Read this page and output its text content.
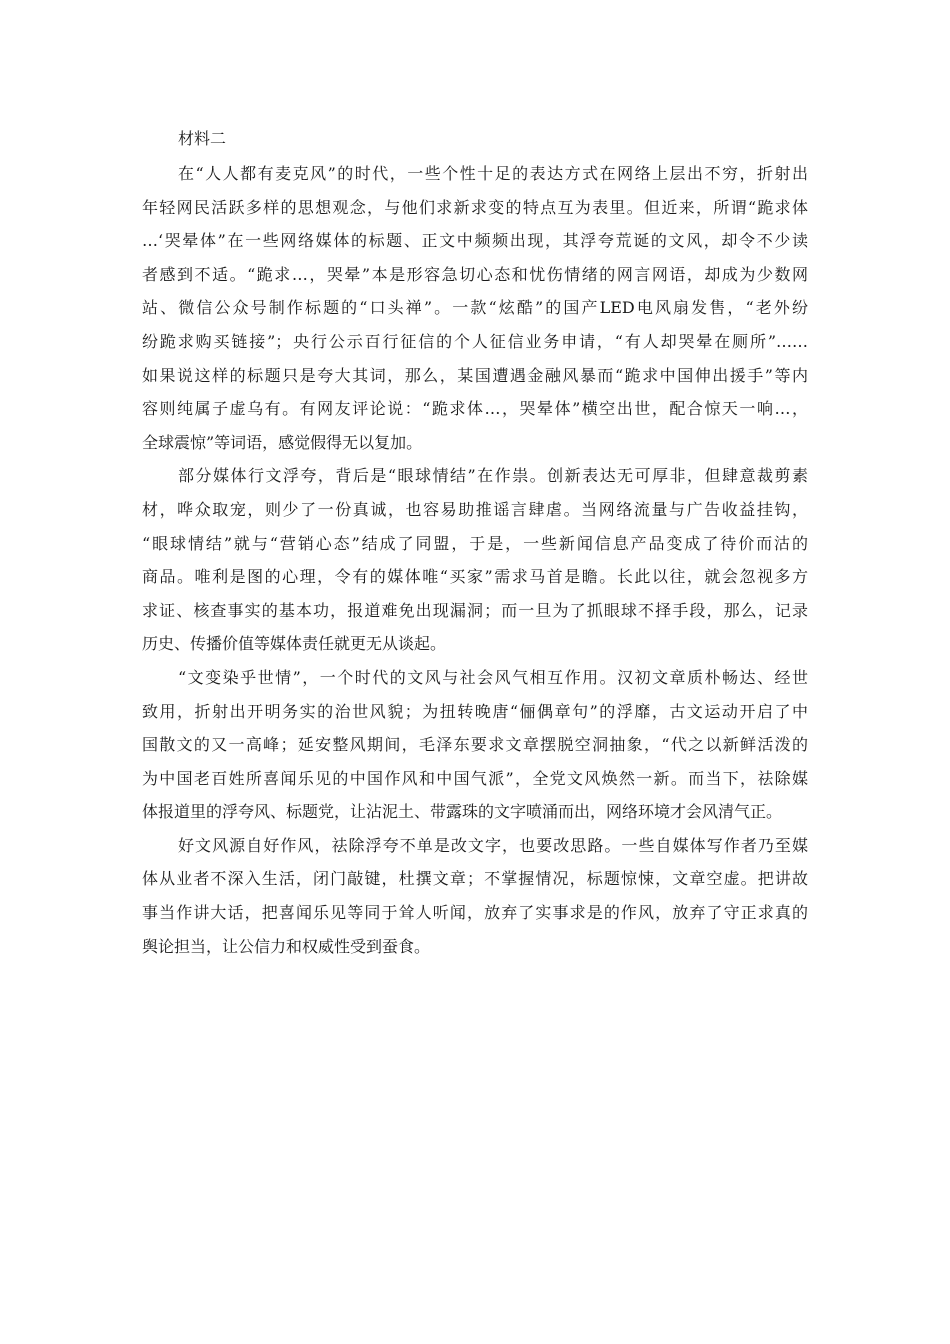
材料二
在“人人都有麦克风”的时代，一些个性十足的表达方式在网络上层出不穷，折射出
年轻网民活跃多样的思想观念，与他们求新求变的特点互为表里。但近来，所谓“跪求体
…‘哭晕体”在一些网络媒体的标题、正文中频频出现，其浮夸荒诞的文风，却令不少读
者感到不适。“跪求…，哭晕”本是形容急切心态和忧伤情绪的网言网语，却成为少数网
站、微信公众号制作标题的“口头禅”。一款“炫酷”的国产LED电风扇发售，“老外纷
纷跪求购买链接”；央行公示百行征信的个人征信业务申请，“有人却哭晕在厕所”……
如果说这样的标题只是夸大其词，那么，某国遭遇金融风暴而“跪求中国伸出援手”等内
容则纯属子虚乌有。有网友评论说：“跪求体…，哭晕体”横空出世，配合惊天一响…，
全球震惊”等词语，感觉假得无以复加。
部分媒体行文浮夸，背后是“眼球情结”在作祟。创新表达无可厚非，但肆意裁剪素
材，哗众取宠，则少了一份真诚，也容易助推谣言肆虐。当网络流量与广告收益挂钩，
“眼球情结”就与“营销心态”结成了同盟，于是，一些新闻信息产品变成了待价而沽的
商品。唯利是图的心理，令有的媒体唯“买家”需求马首是瞻。长此以往，就会忽视多方
求证、核查事实的基本功，报道难免出现漏洞；而一旦为了抓眼球不择手段，那么，记录
历史、传播价值等媒体责任就更无从谈起。
“文变染乎世情”，一个时代的文风与社会风气相互作用。汉初文章质朴畅达、经世
致用，折射出开明务实的治世风貌；为扭转晚唐“俪偶章句”的浮靡，古文运动开启了中
国散文的又一高峰；延安整风期间，毛泽东要求文章摆脱空洞抽象，“代之以新鲜活泼的
为中国老百姓所喜闻乐见的中国作风和中国气派”，全党文风焕然一新。而当下，祛除媒
体报道里的浮夸风、标题党，让沾泥土、带露珠的文字喷涌而出，网络环境才会风清气正。
好文风源自好作风，祛除浮夸不单是改文字，也要改思路。一些自媒体写作者乃至媒
体从业者不深入生活，闭门敲键，杜撰文章；不掌握情况，标题惊悚，文章空虚。把讲故
事当作讲大话，把喜闻乐见等同于耸人听闻，放弃了实事求是的作风，放弃了守正求真的
舆论担当，让公信力和权威性受到蚕食。
